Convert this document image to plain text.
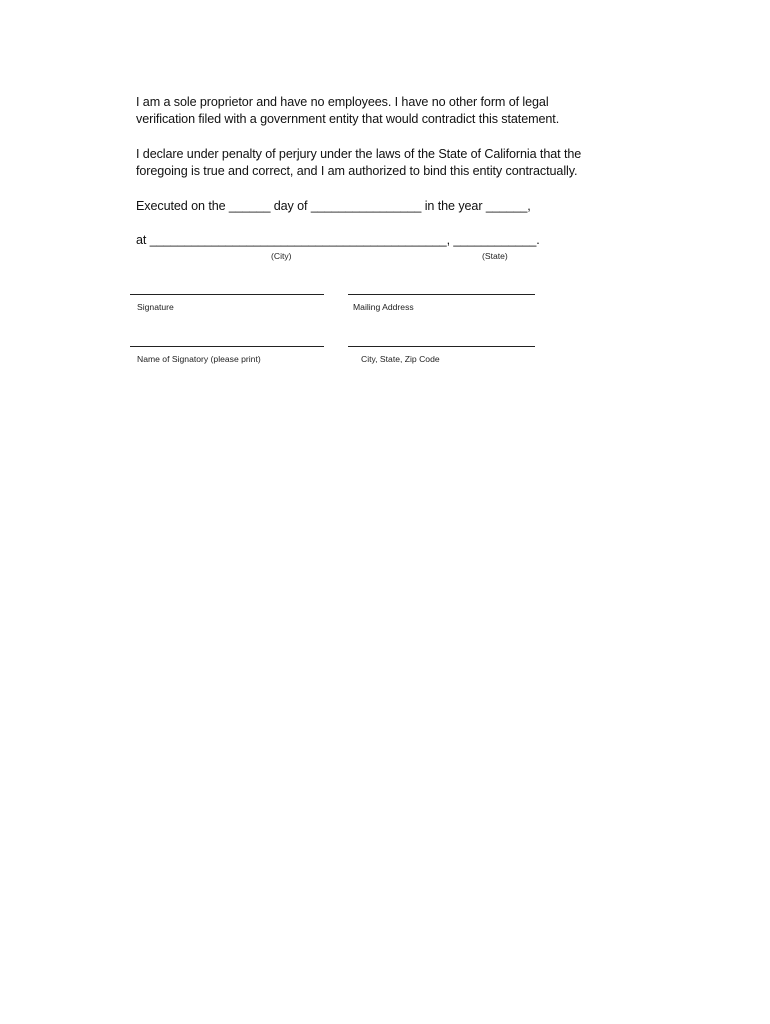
I am a sole proprietor and have no employees. I have no other form of legal
verification filed with a government entity that would contradict this statement.
I declare under penalty of perjury under the laws of the State of California that the
foregoing is true and correct, and I am authorized to bind this entity contractually.
Executed on the ______ day of ________________ in the year ______,
at ___________________________________________, ____________.
(City)	(State)
Signature	Mailing Address
Name of Signatory (please print)	City, State, Zip Code
